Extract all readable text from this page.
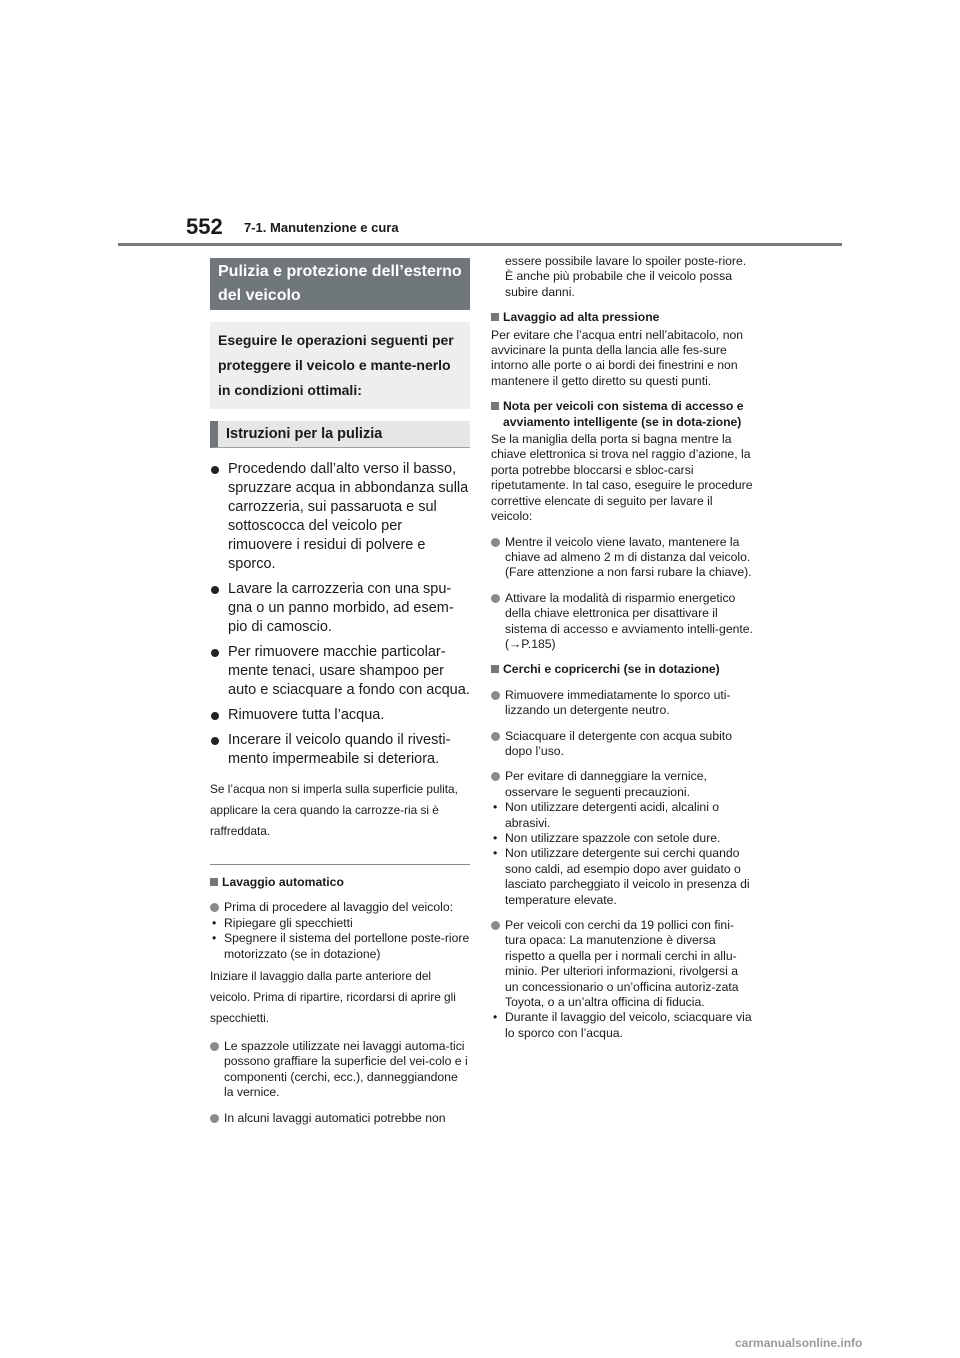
552 7-1. Manutenzione e cura
Pulizia e protezione dell’esterno del veicolo
Eseguire le operazioni seguenti per proteggere il veicolo e mante-nerlo in condizioni ottimali:
Istruzioni per la pulizia
Procedendo dall’alto verso il basso, spruzzare acqua in abbondanza sulla carrozzeria, sui passaruota e sul sottoscocca del veicolo per rimuovere i residui di polvere e sporco.
Lavare la carrozzeria con una spu-gna o un panno morbido, ad esem-pio di camoscio.
Per rimuovere macchie particolar-mente tenaci, usare shampoo per auto e sciacquare a fondo con acqua.
Rimuovere tutta l’acqua.
Incerare il veicolo quando il rivesti-mento impermeabile si deteriora.
Se l’acqua non si imperla sulla superficie pulita, applicare la cera quando la carrozze-ria si è raffreddata.
Lavaggio automatico
Prima di procedere al lavaggio del veicolo:
• Ripiegare gli specchietti
• Spegnere il sistema del portellone poste-riore motorizzato (se in dotazione)
Iniziare il lavaggio dalla parte anteriore del veicolo. Prima di ripartire, ricordarsi di aprire gli specchietti.
Le spazzole utilizzate nei lavaggi automa-tici possono graffiare la superficie del vei-colo e i componenti (cerchi, ecc.), danneggiandone la vernice.
In alcuni lavaggi automatici potrebbe non
essere possibile lavare lo spoiler poste-riore. È anche più probabile che il veicolo possa subire danni.
Lavaggio ad alta pressione
Per evitare che l’acqua entri nell’abitacolo, non avvicinare la punta della lancia alle fes-sure intorno alle porte o ai bordi dei finestrini e non mantenere il getto diretto su questi punti.
Nota per veicoli con sistema di accesso e avviamento intelligente (se in dota-zione)
Se la maniglia della porta si bagna mentre la chiave elettronica si trova nel raggio d’azione, la porta potrebbe bloccarsi e sbloc-carsi ripetutamente. In tal caso, eseguire le procedure correttive elencate di seguito per lavare il veicolo:
Mentre il veicolo viene lavato, mantenere la chiave ad almeno 2 m di distanza dal veicolo. (Fare attenzione a non farsi rubare la chiave).
Attivare la modalità di risparmio energetico della chiave elettronica per disattivare il sistema di accesso e avviamento intelli-gente. (→P.185)
Cerchi e copricerchi (se in dotazione)
Rimuovere immediatamente lo sporco uti-lizzando un detergente neutro.
Sciacquare il detergente con acqua subito dopo l’uso.
Per evitare di danneggiare la vernice, osservare le seguenti precauzioni.
• Non utilizzare detergenti acidi, alcalini o abrasivi.
• Non utilizzare spazzole con setole dure.
• Non utilizzare detergente sui cerchi quando sono caldi, ad esempio dopo aver guidato o lasciato parcheggiato il veicolo in presenza di temperature elevate.
Per veicoli con cerchi da 19 pollici con fini-tura opaca: La manutenzione è diversa rispetto a quella per i normali cerchi in allu-minio. Per ulteriori informazioni, rivolgersi a un concessionario o un’officina autoriz-zata Toyota, o a un’altra officina di fiducia.
• Durante il lavaggio del veicolo, sciacquare via lo sporco con l’acqua.
carmanualsonline.info
